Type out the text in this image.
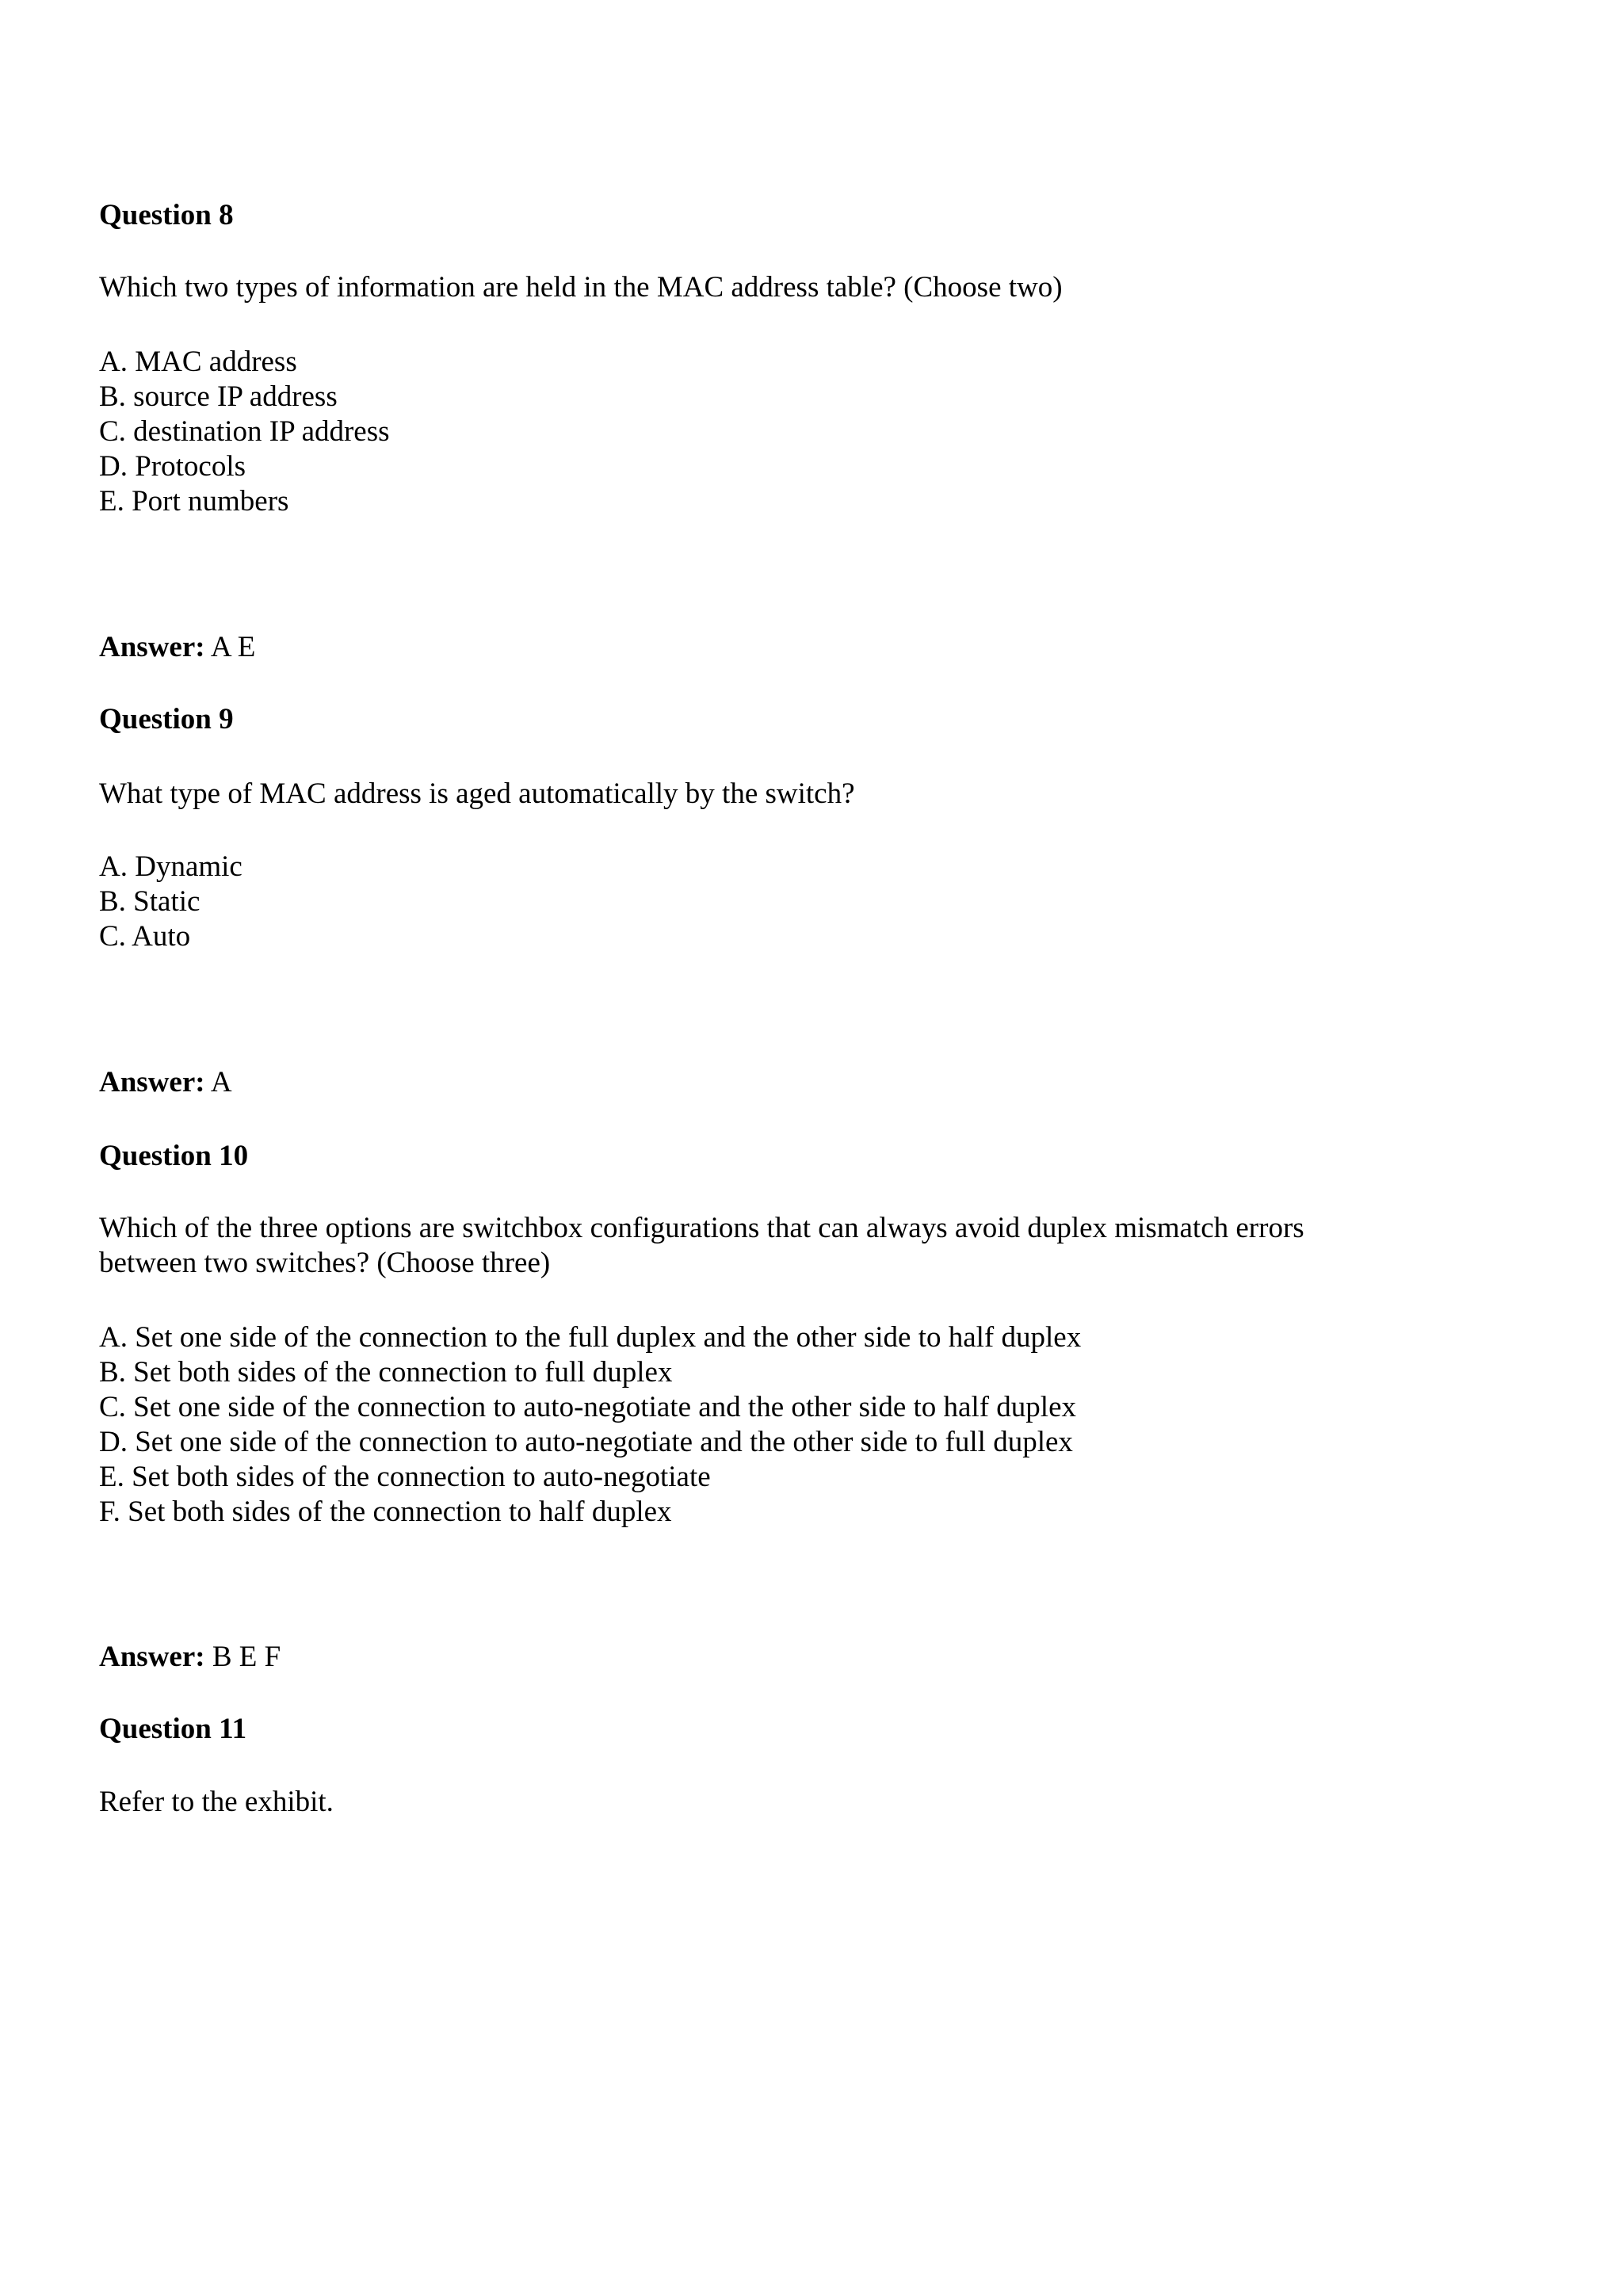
Question 8
Which two types of information are held in the MAC address table? (Choose two)
A. MAC address
B. source IP address
C. destination IP address
D. Protocols
E. Port numbers
Answer: A E
Question 9
What type of MAC address is aged automatically by the switch?
A. Dynamic
B. Static
C. Auto
Answer: A
Question 10
Which of the three options are switchbox configurations that can always avoid duplex mismatch errors
between two switches? (Choose three)
A. Set one side of the connection to the full duplex and the other side to half duplex
B. Set both sides of the connection to full duplex
C. Set one side of the connection to auto-negotiate and the other side to half duplex
D. Set one side of the connection to auto-negotiate and the other side to full duplex
E. Set both sides of the connection to auto-negotiate
F. Set both sides of the connection to half duplex
Answer: B E F
Question 11
Refer to the exhibit.
